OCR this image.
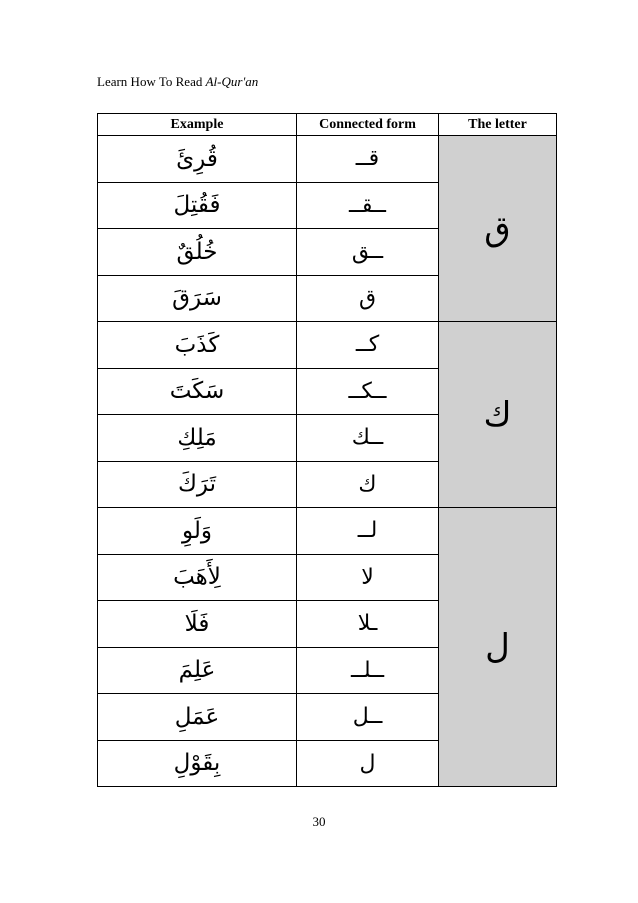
Learn How To Read Al-Qur'an
Example	Connected form	The letter
قُرِئَ	قــ	ق
فَقُتِلَ	ــقــ	
خُلُقٌ	ــق	
سَرَقَ	ق	
كَذَبَ	كــ	ك
سَكَتَ	ــكــ	
مَلِكِ	ــك	
تَرَكَ	ك	
وَلَوِ	لــ	ل
لِأَهَبَ	لا	
فَلَا	ـلا	
عَلِمَ	ــلــ	
عَمَلِ	ــل	
بِقَوْلِ	ل	
30
